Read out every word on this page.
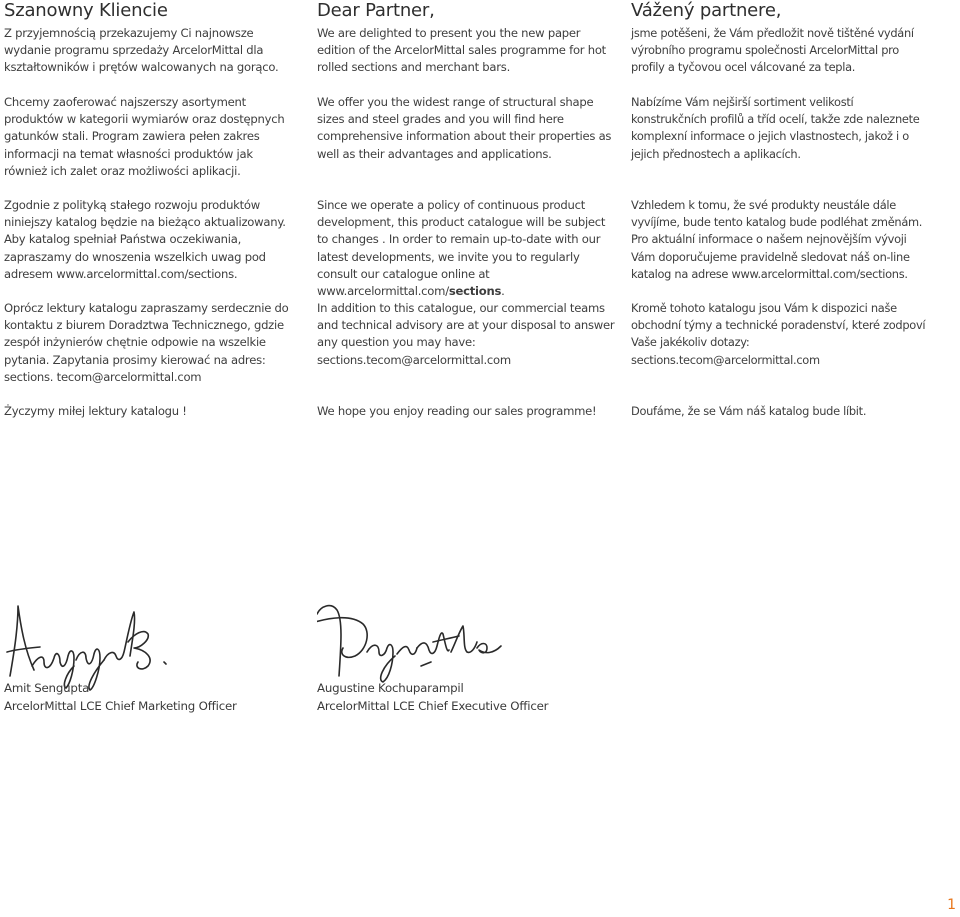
Szanowny Kliencie

Z przyjemnością przekazujemy Ci najnowsze wydanie programu sprzedaży ArcelorMittal dla kształtowników i prętów walcowanych na gorąco.

Chcemy zaoferować najszerszy asortyment produktów w kategorii wymiarów oraz dostępnych gatunków stali. Program zawiera pełen zakres informacji na temat własności produktów jak również ich zalet oraz możliwości aplikacji.

Zgodnie z polityką stałego rozwoju produktów niniejszy katalog będzie na bieżąco aktualizowany. Aby katalog spełniał Państwa oczekiwania, zapraszamy do wnoszenia wszelkich uwag pod adresem www.arcelormittal.com/sections.

Oprócz lektury katalogu zapraszamy serdecznie do kontaktu z biurem Doradztwa Technicznego, gdzie zespół inżynierów chętnie odpowie na wszelkie pytania. Zapytania prosimy kierować na adres: sections. tecom@arcelormittal.com

Życzymy miłej lektury katalogu !

Dear Partner,

We are delighted to present you the new paper edition of the ArcelorMittal sales programme for hot rolled sections and merchant bars.

We offer you the widest range of structural shape sizes and steel grades and you will find here comprehensive information about their properties as well as their advantages and applications.

Since we operate a policy of continuous product development, this product catalogue will be subject to changes . In order to remain up-to-date with our latest developments, we invite you to regularly consult our catalogue online at www.arcelormittal.com/sections.

In addition to this catalogue, our commercial teams and technical advisory are at your disposal to answer any question you may have: sections.tecom@arcelormittal.com

We hope you enjoy reading our sales programme!

Vážený partnere,

jsme potěšeni, že Vám předložit nově tištěné vydání výrobního programu společnosti ArcelorMittal pro profily a tyčovou ocel válcované za tepla.

Nabízíme Vám nejširší sortiment velikostí konstrukčních profilů a tříd ocelí, takže zde naleznete komplexní informace o jejich vlastnostech, jakož i o jejich přednostech a aplikacích.

Vzhledem k tomu, že své produkty neustále dále vyvíjíme, bude tento katalog bude podléhat změnám. Pro aktuální informace o našem nejnovějším vývoji Vám doporučujeme pravidelně sledovat náš on-line katalog na adrese www.arcelormittal.com/sections.

Kromě tohoto katalogu jsou Vám k dispozici naše obchodní týmy a technické poradenství, které zodpoví Vaše jakékoliv dotazy: sections.tecom@arcelormittal.com

Doufáme, že se Vám náš katalog bude líbit.

Amit Sengupta
ArcelorMittal LCE Chief Marketing Officer
Augustine Kochuparampil
ArcelorMittal LCE Chief Executive Officer
1
